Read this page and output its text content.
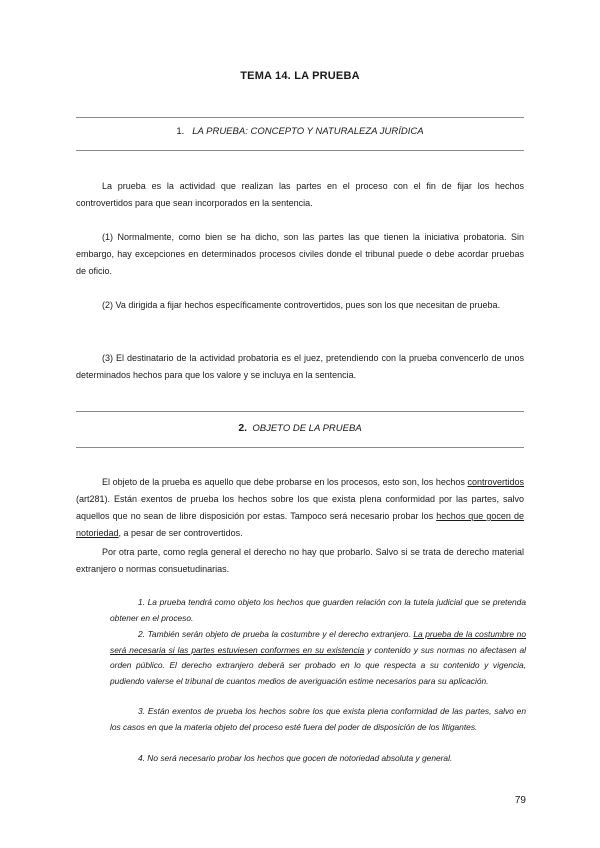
TEMA 14. LA PRUEBA
1. LA PRUEBA: CONCEPTO Y NATURALEZA JURÍDICA

La prueba es la actividad que realizan las partes en el proceso con el fin de fijar los hechos controvertidos para que sean incorporados en la sentencia.

(1) Normalmente, como bien se ha dicho, son las partes las que tienen la iniciativa probatoria. Sin embargo, hay excepciones en determinados procesos civiles donde el tribunal puede o debe acordar pruebas de oficio.

(2) Va dirigida a fijar hechos específicamente controvertidos, pues son los que necesitan de prueba.

(3) El destinatario de la actividad probatoria es el juez, pretendiendo con la prueba convencerlo de unos determinados hechos para que los valore y se incluya en la sentencia.

2. OBJETO DE LA PRUEBA

El objeto de la prueba es aquello que debe probarse en los procesos, esto son, los hechos controvertidos (art281). Están exentos de prueba los hechos sobre los que exista plena conformidad por las partes, salvo aquellos que no sean de libre disposición por estas. Tampoco será necesario probar los hechos que gocen de notoriedad, a pesar de ser controvertidos.

Por otra parte, como regla general el derecho no hay que probarlo. Salvo si se trata de derecho material extranjero o normas consuetudinarias.

1. La prueba tendrá como objeto los hechos que guarden relación con la tutela judicial que se pretenda obtener en el proceso.

2. También serán objeto de prueba la costumbre y el derecho extranjero. La prueba de la costumbre no será necesaria si las partes estuviesen conformes en su existencia y contenido y sus normas no afectasen al orden público. El derecho extranjero deberá ser probado en lo que respecta a su contenido y vigencia, pudiendo valerse el tribunal de cuantos medios de averiguación estime necesarios para su aplicación.

3. Están exentos de prueba los hechos sobre los que exista plena conformidad de las partes, salvo en los casos en que la materia objeto del proceso esté fuera del poder de disposición de los litigantes.

4. No será necesario probar los hechos que gocen de notoriedad absoluta y general.

79
